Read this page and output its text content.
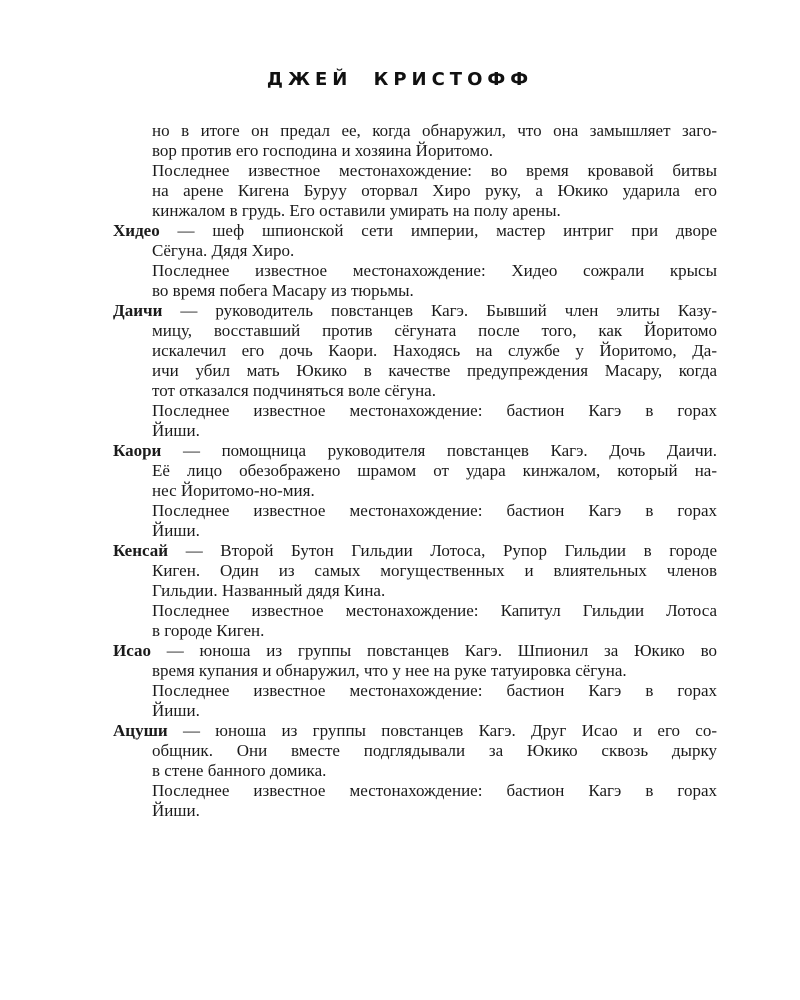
ДЖЕЙ КРИСТОФФ
но в итоге он предал ее, когда обнаружил, что она замышляет заго-
вор против его господина и хозяина Йоритомо.
Последнее известное местонахождение: во время кровавой битвы
на арене Кигена Буруу оторвал Хиро руку, а Юкико ударила его
кинжалом в грудь. Его оставили умирать на полу арены.
Хидео — шеф шпионской сети империи, мастер интриг при дворе
Сёгуна. Дядя Хиро.
Последнее известное местонахождение: Хидео сожрали крысы
во время побега Масару из тюрьмы.
Даичи — руководитель повстанцев Кагэ. Бывший член элиты Казу-
мицу, восставший против сёгуната после того, как Йоритомо
искалечил его дочь Каори. Находясь на службе у Йоритомо, Да-
ичи убил мать Юкико в качестве предупреждения Масару, когда
тот отказался подчиняться воле сёгуна.
Последнее известное местонахождение: бастион Кагэ в горах
Йиши.
Каори — помощница руководителя повстанцев Кагэ. Дочь Даичи.
Её лицо обезображено шрамом от удара кинжалом, который на-
нес Йоритомо-но-мия.
Последнее известное местонахождение: бастион Кагэ в горах
Йиши.
Кенсай — Второй Бутон Гильдии Лотоса, Рупор Гильдии в городе
Киген. Один из самых могущественных и влиятельных членов
Гильдии. Названный дядя Кина.
Последнее известное местонахождение: Капитул Гильдии Лотоса
в городе Киген.
Исао — юноша из группы повстанцев Кагэ. Шпионил за Юкико во
время купания и обнаружил, что у нее на руке татуировка сёгуна.
Последнее известное местонахождение: бастион Кагэ в горах
Йиши.
Ацуши — юноша из группы повстанцев Кагэ. Друг Исао и его со-
общник. Они вместе подглядывали за Юкико сквозь дырку
в стене банного домика.
Последнее известное местонахождение: бастион Кагэ в горах
Йиши.
